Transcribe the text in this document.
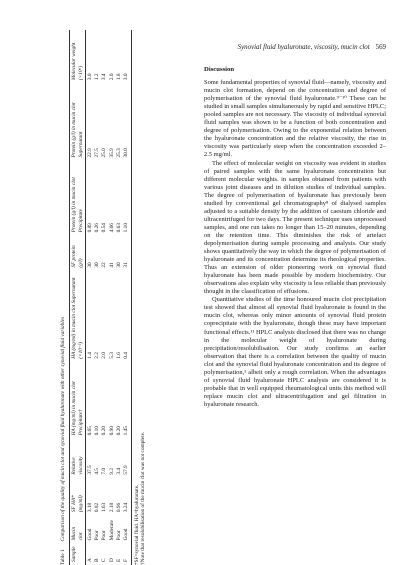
Synovial fluid hyaluronate, viscosity, mucin clot 569
Table 1Comparison of the quality of mucin clot and synovial fluid hyaluronate with other synovial fluid variables
Sample	Mucin clot	SF HA* (mg/ml)	Relative viscosity	HA (mg/ml) in mucin clot Precipitate†	HA (mg/ml) in mucin clot Supernatant (×10⁻²)	SF protein (g/l)	Protein (g/l) in mucin clot Precipitate	Protein (g/l) in mucin clot Supernatant	Molecular weight (×10⁶)
A	Good	3.18	37.5	0.65	1.4	30	0.89	22.9	3.0
B	Poor	0.82	4.5	0.10	2.2	30	0.26	27.5	1.2
C	Poor	1.63	7.0	0.20	2.0	22	0.54	25.0	3.4
D	Moderate	2.18	9.2	0.90	5.3	41	4.66	35.9	2.0
E	Poor	0.96	3.4	0.20	1.6	30	0.63	25.3	1.8
F	Good	3.24	57.9	1.45	0.4	31	1.10	30.0	3.0
*SF=synovial fluid. HA=hyaluronate. †Note that resolubilisation of the mucin clot was not complete.
Discussion

Some fundamental properties of synovial fluid—namely, viscosity and mucin clot formation, depend on the concentration and degree of polymerisation of the synovial fluid hyaluronate.⁹⁻¹⁰ These can be studied in small samples simultaneously by rapid and sensitive HPLC; pooled samples are not necessary. The viscosity of individual synovial fluid samples was shown to be a function of both concentration and degree of polymerisation. Owing to the exponential relation between the hyaluronate concentration and the relative viscosity, the rise in viscosity was particularly steep when the concentration exceeded 2–2.5 mg/ml.

The effect of molecular weight on viscosity was evident in studies of paired samples with the same hyaluronate concentration but different molecular weights. in samples obtained from patients with various joint diseases and in dilution studies of individual samples. The degree of polymerisation of hyaluronate has previously been studied by conventional gel chromatography⁸ of dialysed samples adjusted to a suitable density by the addition of caesium chloride and ultracentrifuged for two days. The present technique uses unprocessed samples, and one run takes no longer than 15–20 minutes, depending on the retention time. This diminishes the risk of artefact depolymerisation during sample processing and analysis. Our study shows quantitatively the way in which the degree of polymerisation of hyaluronate and its concentration determine its rheological properties. Thus an extension of older pioneering work on synovial fluid hyaluronate has been made possible by modern biochemistry. Our observations also explain why viscosity is less reliable than previously thought in the classification of effusions.

Quantitative studies of the time honoured mucin clot precipitation test showed that almost all synovial fluid hyaluronate is found in the mucin clot, whereas only minor amounts of synovial fluid protein coprecipitate with the hyaluronate, though these may have important functional effects.¹¹ HPLC analysis disclosed that there was no change in the molecular weight of hyaluronate during precipitation/resolubilisation. Our study confirms an earlier observation that there is a correlation between the quality of mucin clot and the synovial fluid hyaluronate concentration and its degree of polymerisation,⁵ albeit only a rough correlation. When the advantages of synovial fluid hyaluronate HPLC analysis are considered it is probable that in well equipped rheumatological units this method will replace mucin clot and ultracentrifugation and gel filtration in hyaluronate research.
